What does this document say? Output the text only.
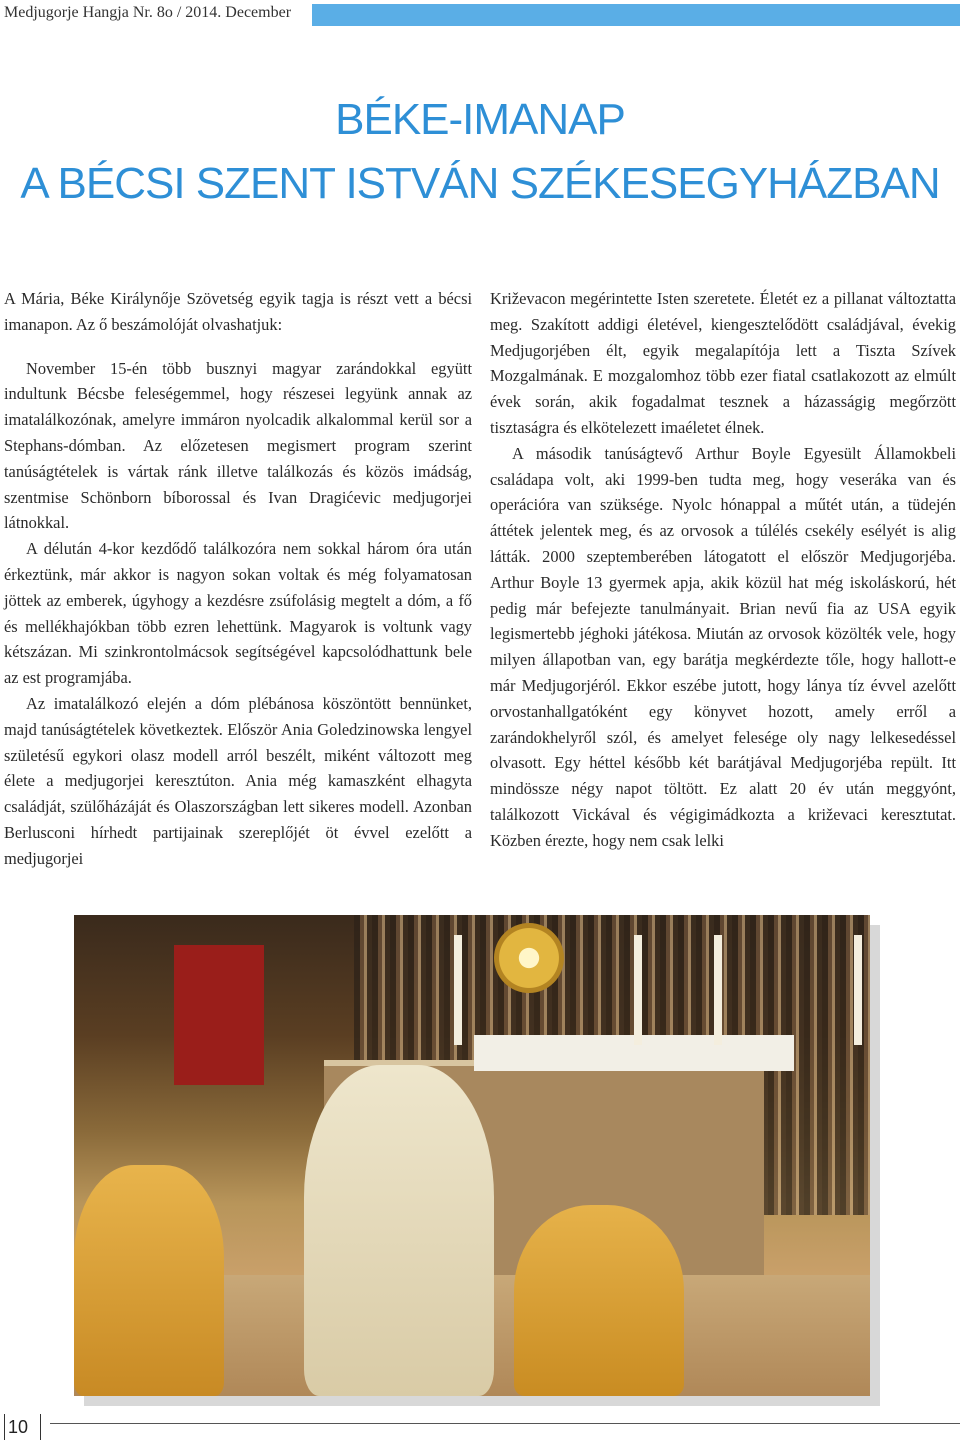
Medjugorje Hangja Nr. 8o / 2014. December
BÉKE-IMANAP
A BÉCSI SZENT ISTVÁN SZÉKESEGYHÁZBAN

A Mária, Béke Királynője Szövetség egyik tagja is részt vett a bécsi imanapon. Az ő beszámolóját olvashatjuk:

November 15-én több busznyi magyar zarándokkal együtt indultunk Bécsbe feleségemmel, hogy részesei legyünk annak az imatalálkozónak, amelyre immáron nyolcadik alkalommal kerül sor a Stephans-dómban. Az előzetesen megismert program szerint tanúságtételek is vártak ránk illetve találkozás és közös imádság, szentmise Schönborn bíborossal és Ivan Dragićevic medjugorjei látnokkal.

A délután 4-kor kezdődő találkozóra nem sokkal három óra után érkeztünk, már akkor is nagyon sokan voltak és még folyamatosan jöttek az emberek, úgyhogy a kezdésre zsúfolásig megtelt a dóm, a fő és mellékhajókban több ezren lehettünk. Magyarok is voltunk vagy kétszázan. Mi szinkrontolmácsok segítségével kapcsolódhattunk bele az est programjába.

Az imatalálkozó elején a dóm plébánosa köszöntött bennünket, majd tanúságtételek következtek. Először Ania Goledzinowska lengyel születésű egykori olasz modell arról beszélt, miként változott meg élete a medjugorjei keresztúton. Ania még kamaszként elhagyta családját, szülőházáját és Olaszországban lett sikeres modell. Azonban Berlusconi hírhedt partijainak szereplőjét öt évvel ezelőtt a medjugorjei

Križevacon megérintette Isten szeretete. Életét ez a pillanat változtatta meg. Szakított addigi életével, kiengesztelődött családjával, évekig Medjugorjében élt, egyik megalapítója lett a Tiszta Szívek Mozgalmának. E mozgalomhoz több ezer fiatal csatlakozott az elmúlt évek során, akik fogadalmat tesznek a házasságig megőrzött tisztaságra és elkötelezett imaéletet élnek.

A második tanúságtevő Arthur Boyle Egyesült Államokbeli családapa volt, aki 1999-ben tudta meg, hogy veseráka van és operációra van szüksége. Nyolc hónappal a műtét után, a tüdején áttétek jelentek meg, és az orvosok a túlélés csekély esélyét is alig látták. 2000 szeptemberében látogatott el először Medjugorjéba. Arthur Boyle 13 gyermek apja, akik közül hat még iskoláskorú, hét pedig már befejezte tanulmányait. Brian nevű fia az USA egyik legismertebb jéghoki játékosa. Miután az orvosok közölték vele, hogy milyen állapotban van, egy barátja megkérdezte tőle, hogy hallott-e már Medjugorjéról. Ekkor eszébe jutott, hogy lánya tíz évvel azelőtt orvostanhallgatóként egy könyvet hozott, amely erről a zarándokhelyről szól, és amelyet felesége oly nagy lelkesedéssel olvasott. Egy héttel később két barátjával Medjugorjéba repült. Itt mindössze négy napot töltött. Ez alatt 20 év után meggyónt, találkozott Vickával és végigimádkozta a križevaci keresztutat. Közben érezte, hogy nem csak lelki

10
